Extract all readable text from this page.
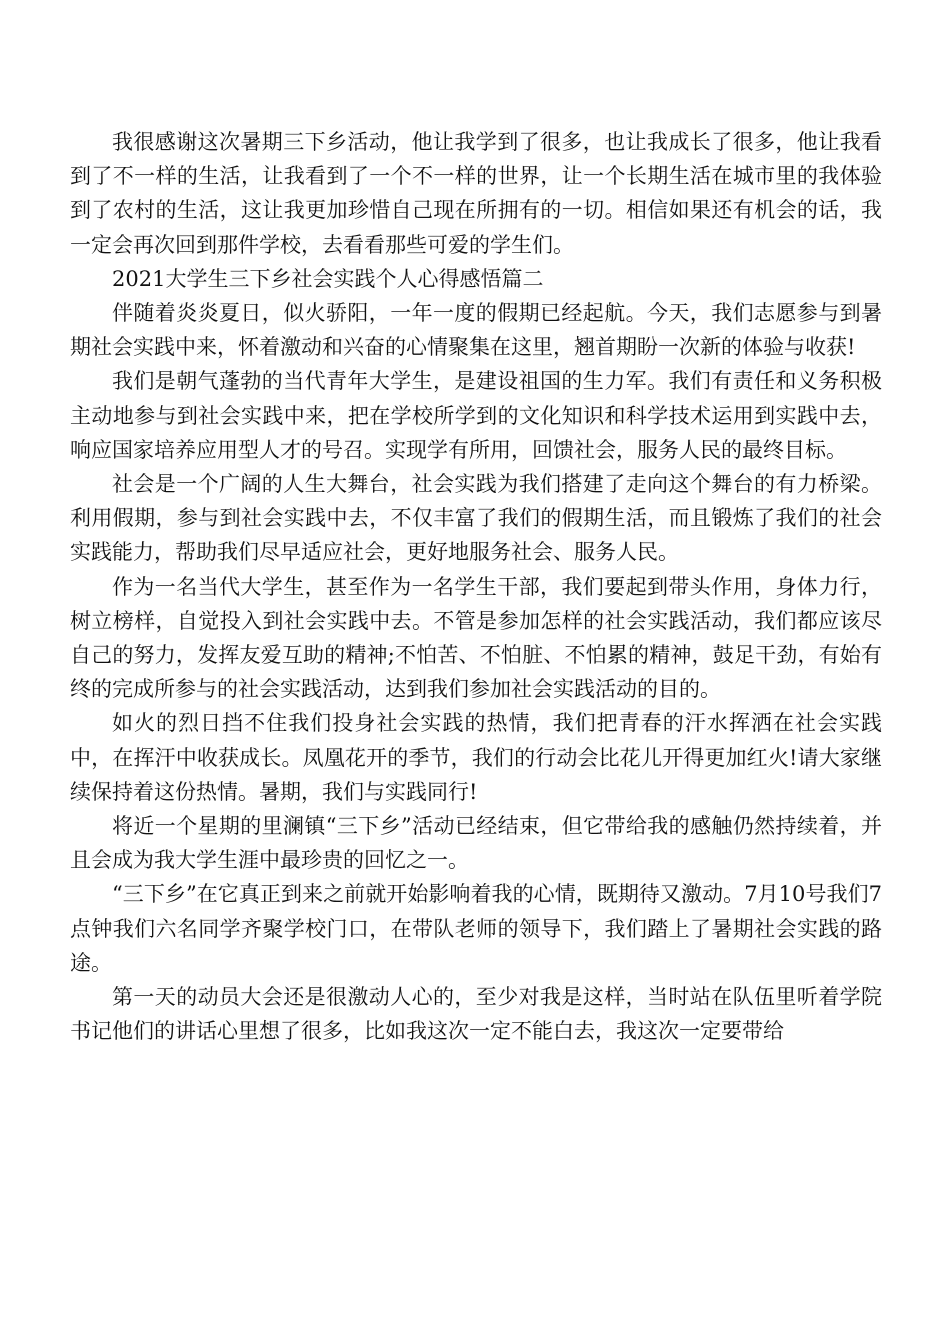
我很感谢这次暑期三下乡活动，他让我学到了很多，也让我成长了很多，他让我看到了不一样的生活，让我看到了一个不一样的世界，让一个长期生活在城市里的我体验到了农村的生活，这让我更加珍惜自己现在所拥有的一切。相信如果还有机会的话，我一定会再次回到那件学校，去看看那些可爱的学生们。

2021大学生三下乡社会实践个人心得感悟篇二

伴随着炎炎夏日，似火骄阳，一年一度的假期已经起航。今天，我们志愿参与到暑期社会实践中来，怀着激动和兴奋的心情聚集在这里，翘首期盼一次新的体验与收获!

我们是朝气蓬勃的当代青年大学生，是建设祖国的生力军。我们有责任和义务积极主动地参与到社会实践中来，把在学校所学到的文化知识和科学技术运用到实践中去，响应国家培养应用型人才的号召。实现学有所用，回馈社会，服务人民的最终目标。

社会是一个广阔的人生大舞台，社会实践为我们搭建了走向这个舞台的有力桥梁。利用假期，参与到社会实践中去，不仅丰富了我们的假期生活，而且锻炼了我们的社会实践能力，帮助我们尽早适应社会，更好地服务社会、服务人民。

作为一名当代大学生，甚至作为一名学生干部，我们要起到带头作用，身体力行，树立榜样，自觉投入到社会实践中去。不管是参加怎样的社会实践活动，我们都应该尽自己的努力，发挥友爱互助的精神;不怕苦、不怕脏、不怕累的精神，鼓足干劲，有始有终的完成所参与的社会实践活动，达到我们参加社会实践活动的目的。

如火的烈日挡不住我们投身社会实践的热情，我们把青春的汗水挥洒在社会实践中，在挥汗中收获成长。凤凰花开的季节，我们的行动会比花儿开得更加红火!请大家继续保持着这份热情。暑期，我们与实践同行!

将近一个星期的里澜镇“三下乡”活动已经结束，但它带给我的感触仍然持续着，并且会成为我大学生涯中最珍贵的回忆之一。

“三下乡”在它真正到来之前就开始影响着我的心情，既期待又激动。7月10号我们7点钟我们六名同学齐聚学校门口，在带队老师的领导下，我们踏上了暑期社会实践的路途。

第一天的动员大会还是很激动人心的，至少对我是这样，当时站在队伍里听着学院书记他们的讲话心里想了很多，比如我这次一定不能白去，我这次一定要带给
